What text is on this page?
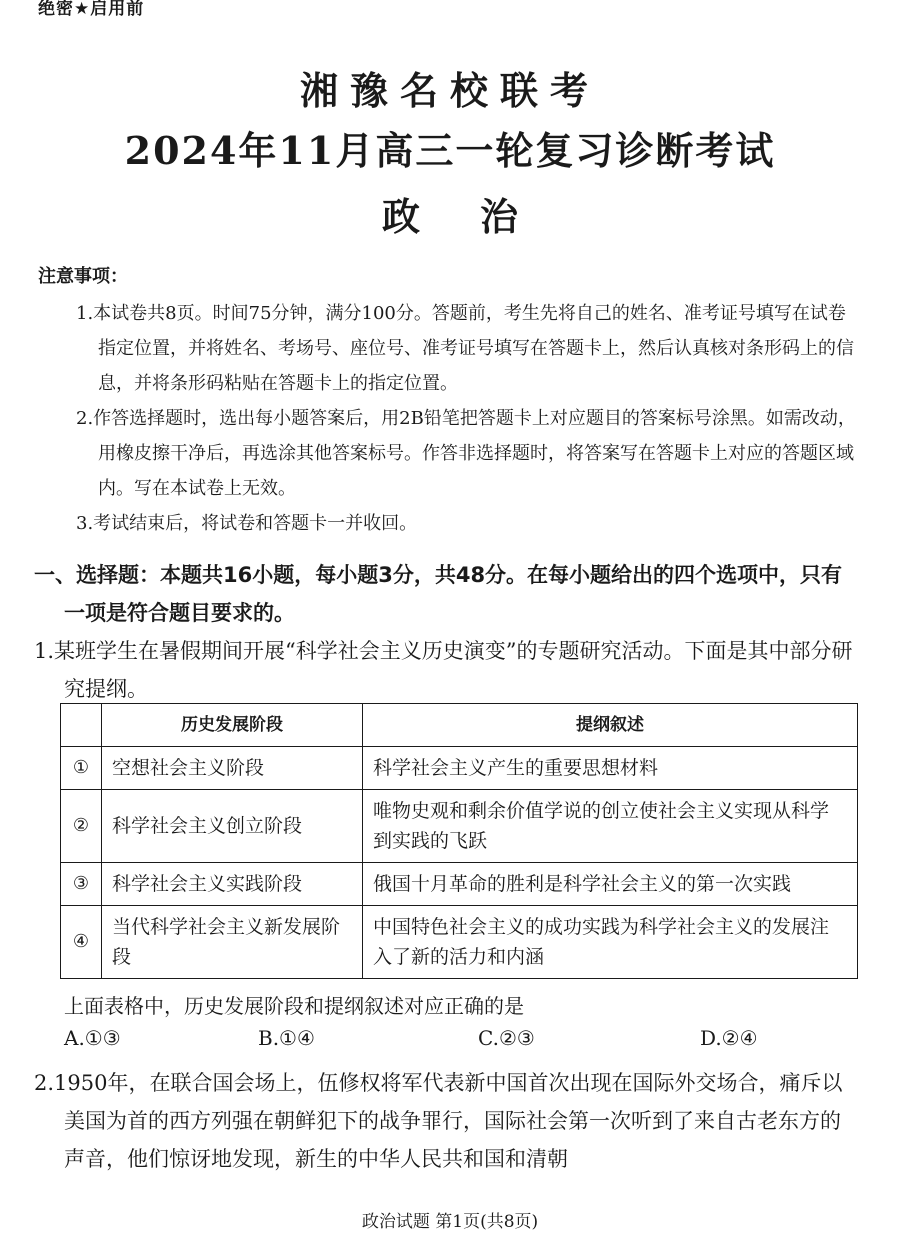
绝密★启用前
湘豫名校联考
2024年11月高三一轮复习诊断考试
政治
注意事项：

1.本试卷共8页。时间75分钟，满分100分。答题前，考生先将自己的姓名、准考证号填写在试卷指定位置，并将姓名、考场号、座位号、准考证号填写在答题卡上，然后认真核对条形码上的信息，并将条形码粘贴在答题卡上的指定位置。

2.作答选择题时，选出每小题答案后，用2B铅笔把答题卡上对应题目的答案标号涂黑。如需改动，用橡皮擦干净后，再选涂其他答案标号。作答非选择题时，将答案写在答题卡上对应的答题区域内。写在本试卷上无效。

3.考试结束后，将试卷和答题卡一并收回。

一、选择题：本题共16小题，每小题3分，共48分。在每小题给出的四个选项中，只有一项是符合题目要求的。
1.某班学生在暑假期间开展“科学社会主义历史演变”的专题研究活动。下面是其中部分研究提纲。
	历史发展阶段	提纲叙述
①	空想社会主义阶段	科学社会主义产生的重要思想材料
②	科学社会主义创立阶段	唯物史观和剩余价值学说的创立使社会主义实现从科学到实践的飞跃
③	科学社会主义实践阶段	俄国十月革命的胜利是科学社会主义的第一次实践
④	当代科学社会主义新发展阶段	中国特色社会主义的成功实践为科学社会主义的发展注入了新的活力和内涵
上面表格中，历史发展阶段和提纲叙述对应正确的是
A.①③	B.①④	C.②③	D.②④
2.1950年，在联合国会场上，伍修权将军代表新中国首次出现在国际外交场合，痛斥以美国为首的西方列强在朝鲜犯下的战争罪行，国际社会第一次听到了来自古老东方的声音，他们惊讶地发现，新生的中华人民共和国和清朝
政治试题 第1页(共8页)
